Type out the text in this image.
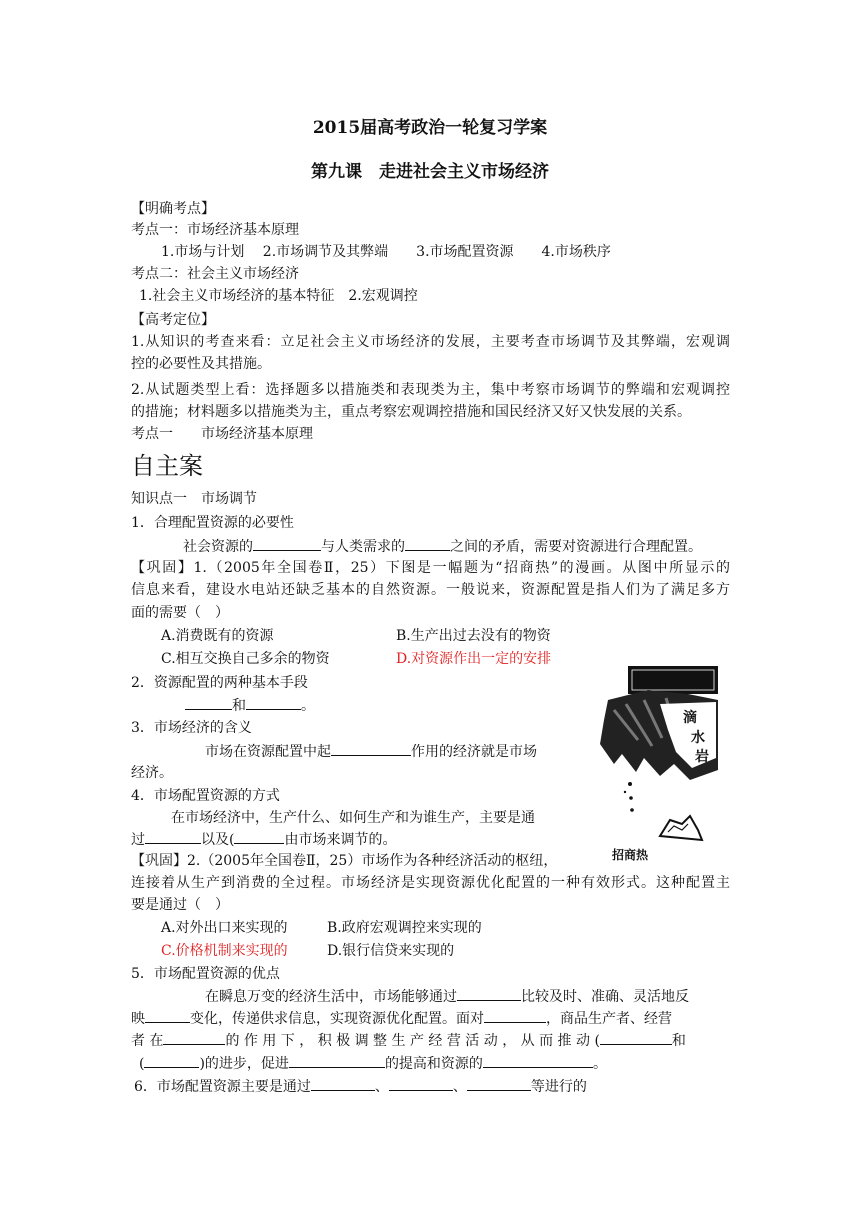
2015届高考政治一轮复习学案
第九课　走进社会主义市场经济
【明确考点】
考点一：市场经济基本原理
1.市场与计划　 2.市场调节及其弊端　　3.市场配置资源　　4.市场秩序
考点二：社会主义市场经济
1.社会主义市场经济的基本特征　2.宏观调控
【高考定位】
1.从知识的考查来看：立足社会主义市场经济的发展，主要考查市场调节及其弊端，宏观调
控的必要性及其措施。
2.从试题类型上看：选择题多以措施类和表现类为主，集中考察市场调节的弊端和宏观调控
的措施；材料题多以措施类为主，重点考察宏观调控措施和国民经济又好又快发展的关系。
考点一　　市场经济基本原理
自主案
知识点一　市场调节
1．合理配置资源的必要性
社会资源的	与人类需求的	之间的矛盾，需要对资源进行合理配置。
【巩固】1.（2005年全国卷Ⅱ，25）下图是一幅题为“招商热”的漫画。从图中所显示的
信息来看，建设水电站还缺乏基本的自然资源。一般说来，资源配置是指人们为了满足多方
面的需要（　）
A.消费既有的资源	B.生产出过去没有的物资
C.相互交换自己多余的物资	D.对资源作出一定的安排
2．资源配置的两种基本手段
和	。
3．市场经济的含义
市场在资源配置中起	作用的经济就是市场
经济。
4．市场配置资源的方式
在市场经济中，生产什么、如何生产和为谁生产，主要是通
过	以及(	由市场来调节的。
【巩固】2.（2005年全国卷Ⅱ，25）市场作为各种经济活动的枢纽，
连接着从生产到消费的全过程。市场经济是实现资源优化配置的一种有效形式。这种配置主
要是通过（　）
A.对外出口来实现的	B.政府宏观调控来实现的
C.价格机制来实现的	D.银行信贷来实现的
5．市场配置资源的优点
在瞬息万变的经济生活中，市场能够通过	比较及时、准确、灵活地反
映	变化，传递供求信息，实现资源优化配置。面对	，商品生产者、经营
者 在	的 作 用 下 ， 积 极 调 整 生 产 经 营 活 动 ， 从 而 推 动 (	和
(	)的进步，促进	的提高和资源的	。
6．市场配置资源主要是通过	、	、	等进行的
滴
水
岩
招商热
